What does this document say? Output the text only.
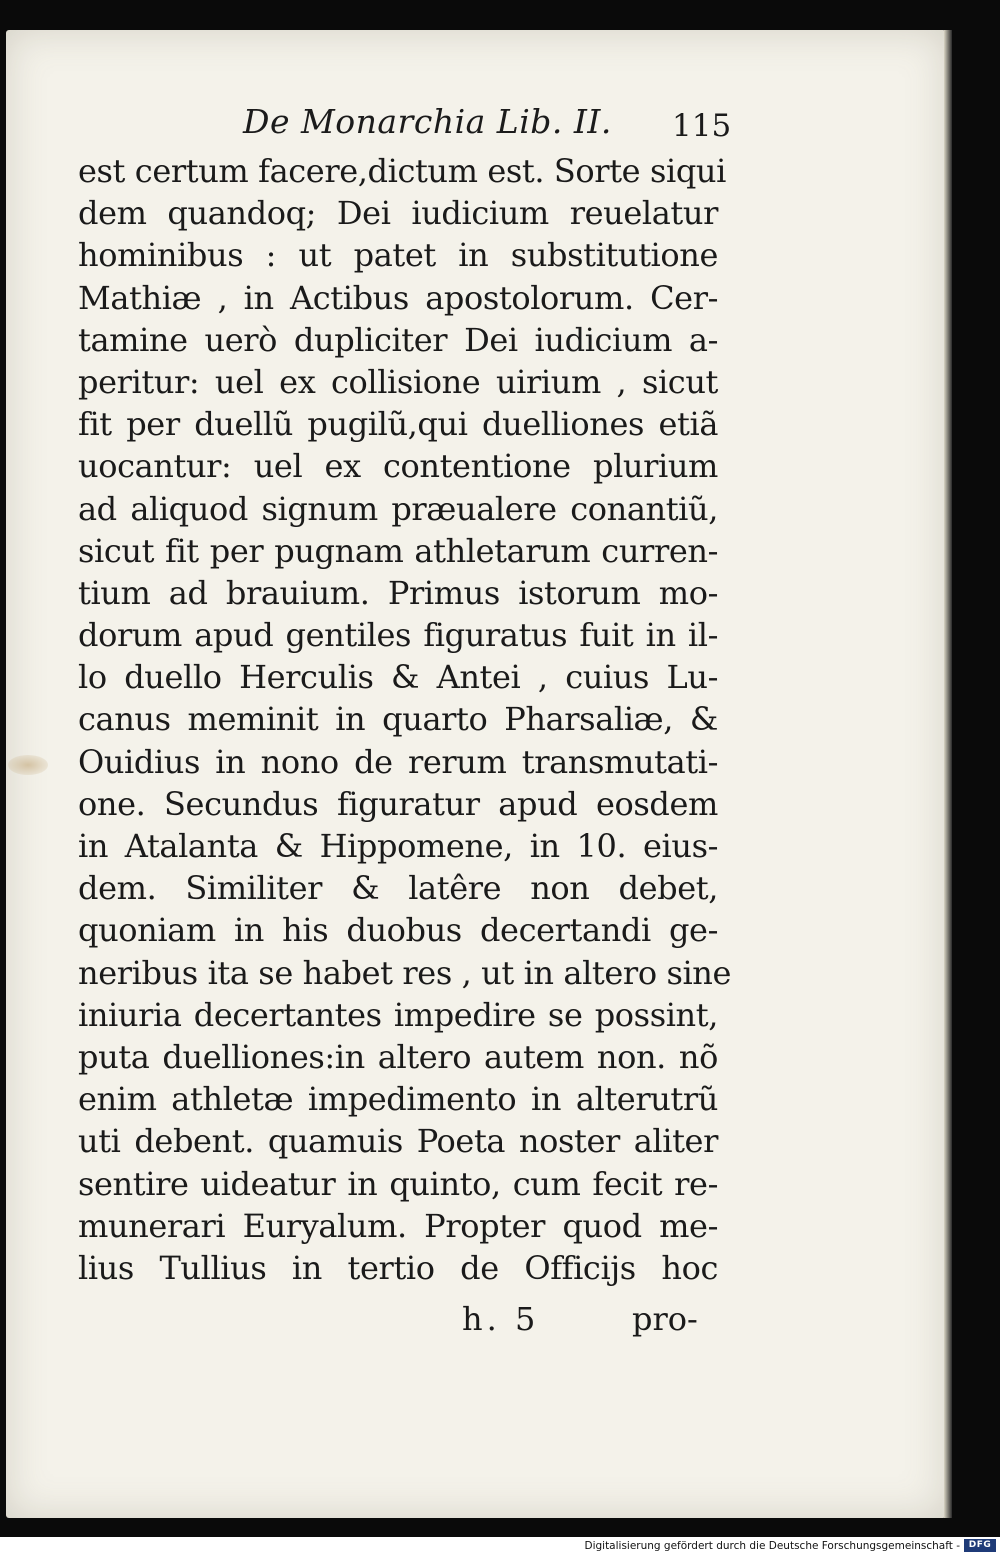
De Monarchia Lib. II. 115
est certum facere,dictum est. Sorte siqui
dem quandoq; Dei iudicium reuelatur
hominibus : ut patet in substitutione
Mathiæ , in Actibus apostolorum. Cer-
tamine uerò dupliciter Dei iudicium a-
peritur: uel ex collisione uirium , sicut
fit per duellũ pugilũ,qui duelliones etiã
uocantur: uel ex contentione plurium
ad aliquod signum præualere conantiũ,
sicut fit per pugnam athletarum curren-
tium ad brauium. Primus istorum mo-
dorum apud gentiles figuratus fuit in il-
lo duello Herculis & Antei , cuius Lu-
canus meminit in quarto Pharsaliæ, &
Ouidius in nono de rerum transmutati-
one. Secundus figuratur apud eosdem
in Atalanta & Hippomene, in 10. eius-
dem. Similiter & latêre non debet,
quoniam in his duobus decertandi ge-
neribus ita se habet res , ut in altero sine
iniuria decertantes impedire se possint,
puta duelliones:in altero autem non. nõ
enim athletæ impedimento in alterutrũ
uti debent. quamuis Poeta noster aliter
sentire uideatur in quinto, cum fecit re-
munerari Euryalum. Propter quod me-
lius Tullius in tertio de Officijs hoc
h. 5	pro-
Digitalisierung gefördert durch die Deutsche Forschungsgemeinschaft - DFG
